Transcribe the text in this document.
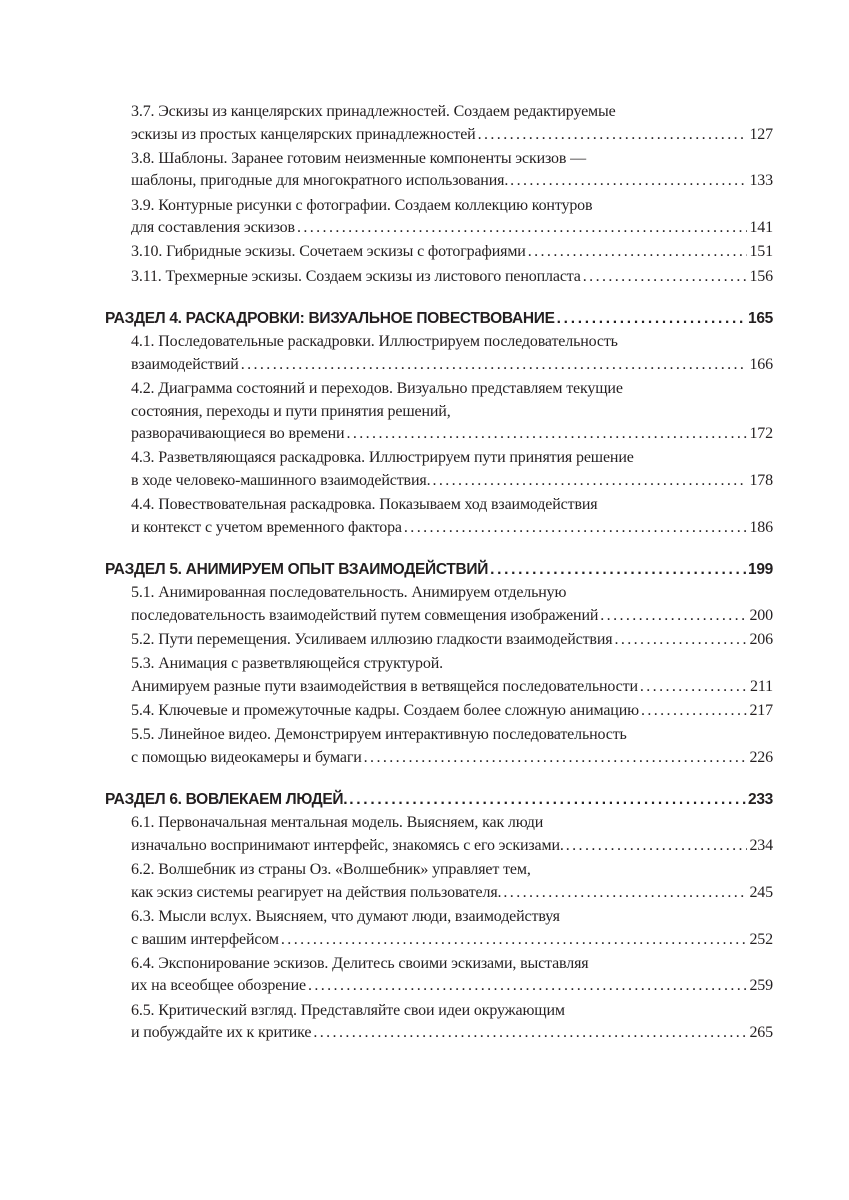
3.7. Эскизы из канцелярских принадлежностей. Создаем редактируемые
эскизы из простых канцелярских принадлежностей . . .	127
3.8. Шаблоны. Заранее готовим неизменные компоненты эскизов —
шаблоны, пригодные для многократного использования. . . .	133
3.9. Контурные рисунки с фотографии. Создаем коллекцию контуров
для составления эскизов . . .	141
3.10. Гибридные эскизы. Сочетаем эскизы с фотографиями . . .	151
3.11. Трехмерные эскизы. Создаем эскизы из листового пенопласта . . .	156
РАЗДЕЛ 4. РАСКАДРОВКИ: ВИЗУАЛЬНОЕ ПОВЕСТВОВАНИЕ . . .	165
4.1. Последовательные раскадровки. Иллюстрируем последовательность
взаимодействий . . .	166
4.2. Диаграмма состояний и переходов. Визуально представляем текущие
состояния, переходы и пути принятия решений,
разворачивающиеся во времени . . .	172
4.3. Разветвляющаяся раскадровка. Иллюстрируем пути принятия решение
в ходе человеко-машинного взаимодействия. . . .	178
4.4. Повествовательная раскадровка. Показываем ход взаимодействия
и контекст с учетом временного фактора . . .	186
РАЗДЕЛ 5. АНИМИРУЕМ ОПЫТ ВЗАИМОДЕЙСТВИЙ . . .	199
5.1. Анимированная последовательность. Анимируем отдельную
последовательность взаимодействий путем совмещения изображений . . .	200
5.2. Пути перемещения. Усиливаем иллюзию гладкости взаимодействия . . .	206
5.3. Анимация с разветвляющейся структурой.
Анимируем разные пути взаимодействия в ветвящейся последовательности . . .	211
5.4. Ключевые и промежуточные кадры. Создаем более сложную анимацию . . .	217
5.5. Линейное видео. Демонстрируем интерактивную последовательность
с помощью видеокамеры и бумаги . . .	226
РАЗДЕЛ 6. ВОВЛЕКАЕМ ЛЮДЕЙ. . . .	233
6.1. Первоначальная ментальная модель. Выясняем, как люди
изначально воспринимают интерфейс, знакомясь с его эскизами. . . .	234
6.2. Волшебник из страны Оз. «Волшебник» управляет тем,
как эскиз системы реагирует на действия пользователя. . . .	245
6.3. Мысли вслух. Выясняем, что думают люди, взаимодействуя
с вашим интерфейсом . . .	252
6.4. Экспонирование эскизов. Делитесь своими эскизами, выставляя
их на всеобщее обозрение . . .	259
6.5. Критический взгляд. Представляйте свои идеи окружающим
и побуждайте их к критике . . .	265
